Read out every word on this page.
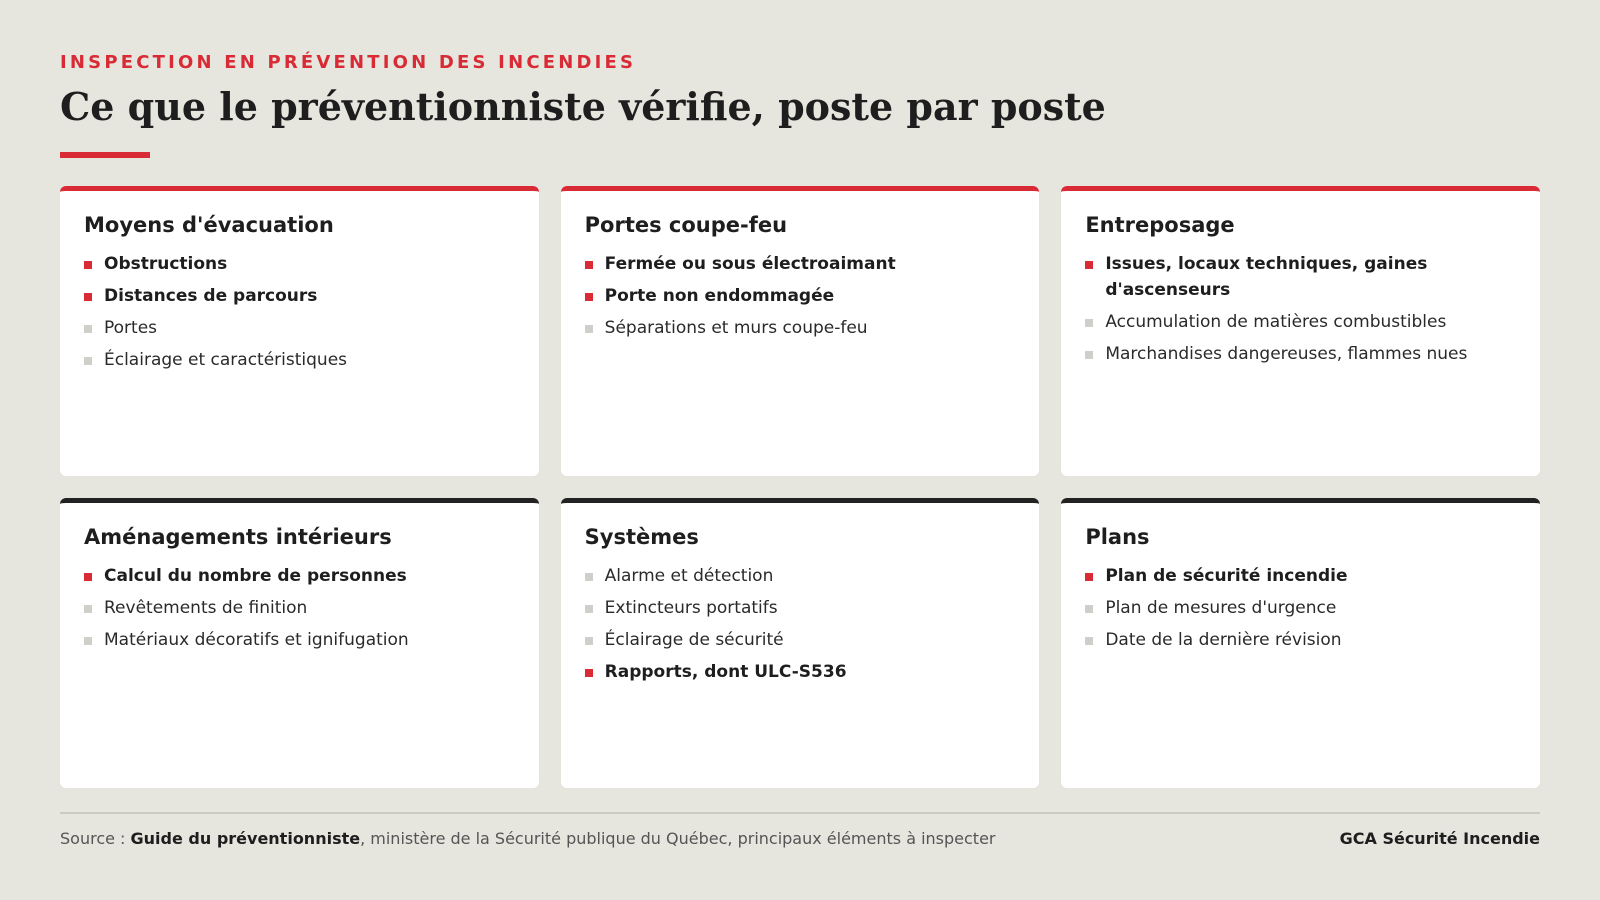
INSPECTION EN PRÉVENTION DES INCENDIES
Ce que le préventionniste vérifie, poste par poste
Moyens d'évacuation
Obstructions
Distances de parcours
Portes
Éclairage et caractéristiques
Portes coupe-feu
Fermée ou sous électroaimant
Porte non endommagée
Séparations et murs coupe-feu
Entreposage
Issues, locaux techniques, gaines d'ascenseurs
Accumulation de matières combustibles
Marchandises dangereuses, flammes nues
Aménagements intérieurs
Calcul du nombre de personnes
Revêtements de finition
Matériaux décoratifs et ignifugation
Systèmes
Alarme et détection
Extincteurs portatifs
Éclairage de sécurité
Rapports, dont ULC-S536
Plans
Plan de sécurité incendie
Plan de mesures d'urgence
Date de la dernière révision
Source : Guide du préventionniste, ministère de la Sécurité publique du Québec, principaux éléments à inspecter	GCA Sécurité Incendie
